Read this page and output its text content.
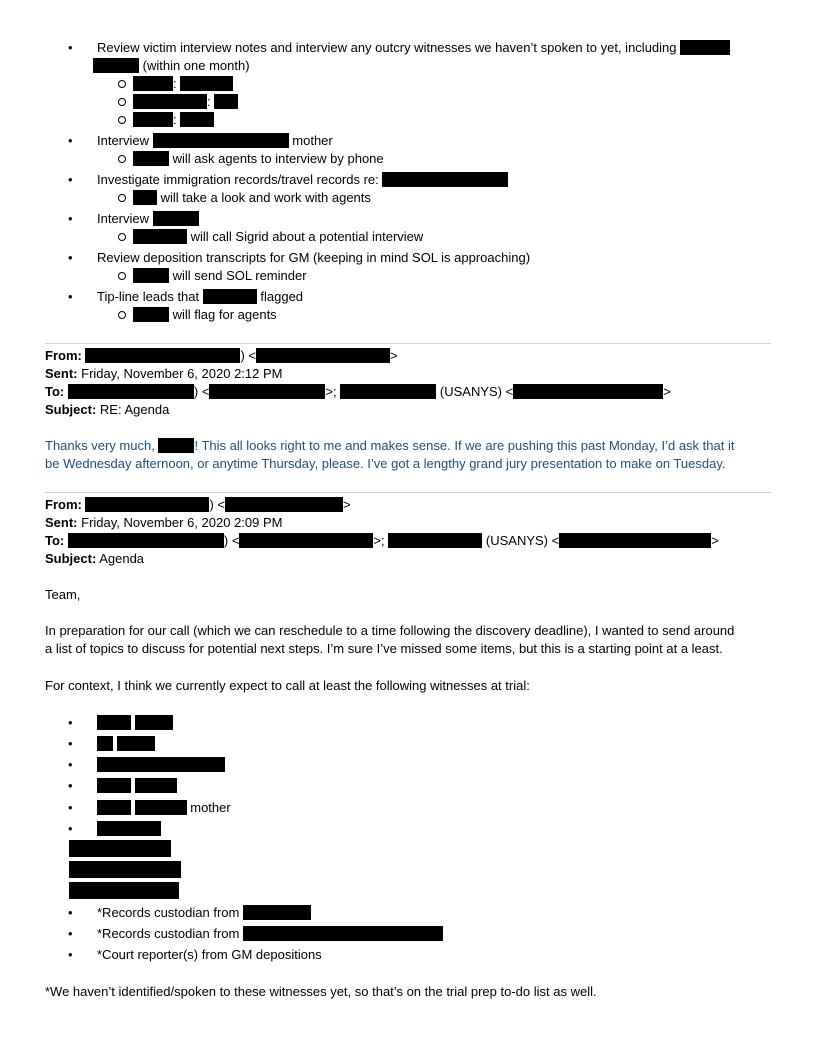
• Review victim interview notes and interview any outcry witnesses we haven’t spoken to yet, including
(within one month)
:
:
:
• Interview	mother
will ask agents to interview by phone
• Investigate immigration records/travel records re:
will take a look and work with agents
• Interview
will call Sigrid about a potential interview
• Review deposition transcripts for GM (keeping in mind SOL is approaching)
will send SOL reminder
• Tip-line leads that	flagged
will flag for agents
From:	) <	>
Sent: Friday, November 6, 2020 2:12 PM
To:	) <	>;	(USANYS) <	>
Subject: RE: Agenda
Thanks very much,	! This all looks right to me and makes sense. If we are pushing this past Monday, I’d ask that it
be Wednesday afternoon, or anytime Thursday, please. I’ve got a lengthy grand jury presentation to make on Tuesday.
From:	) <	>
Sent: Friday, November 6, 2020 2:09 PM
To:	) <	>;	(USANYS) <	>
Subject: Agenda
Team,
In preparation for our call (which we can reschedule to a time following the discovery deadline), I wanted to send around
a list of topics to discuss for potential next steps. I’m sure I’ve missed some items, but this is a starting point at a least.
For context, I think we currently expect to call at least the following witnesses at trial:
•

•

•
•

•	mother
•
• *Records custodian from
• *Records custodian from
• *Court reporter(s) from GM depositions
*We haven’t identified/spoken to these witnesses yet, so that’s on the trial prep to-do list as well.
